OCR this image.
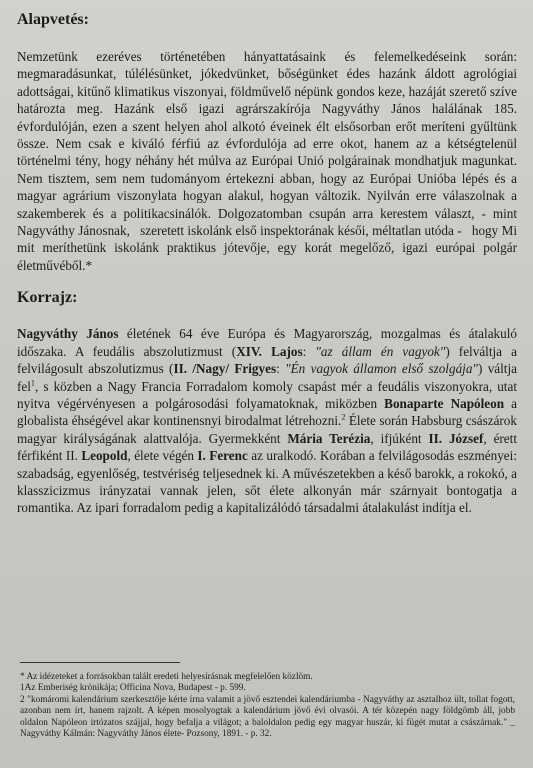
Alapvetés:

Nemzetünk ezeréves történetében hányattatásaink és felemelkedéseink során: megmaradásunkat, túlélésünket, jókedvünket, bőségünket édes hazánk áldott agrológiai adottságai, kitűnő klimatikus viszonyai, földművelő népünk gondos keze, hazáját szerető szíve határozta meg. Hazánk első igazi agrárszakírója Nagyváthy János halálának 185. évfordulóján, ezen a szent helyen ahol alkotó éveinek élt elsősorban erőt meríteni gyűltünk össze. Nem csak e kiváló férfiú az évfordulója ad erre okot, hanem az a kétségtelenül történelmi tény, hogy néhány hét múlva az Európai Unió polgárainak mondhatjuk magunkat. Nem tisztem, sem nem tudományom értekezni abban, hogy az Európai Unióba lépés és a magyar agrárium viszonylata hogyan alakul, hogyan változik. Nyilván erre válaszolnak a szakemberek és a politikacsinálók. Dolgozatomban csupán arra kerestem választ, - mint Nagyváthy Jánosnak, szeretett iskolánk első inspektorának késői, méltatlan utóda - hogy Mi mit meríthetünk iskolánk praktikus jótevője, egy korát megelőző, igazi európai polgár életművéből.*

Korrajz:

Nagyváthy János életének 64 éve Európa és Magyarország, mozgalmas és átalakuló időszaka. A feudális abszolutizmust (XIV. Lajos: "az állam én vagyok") felváltja a felvilágosult abszolutizmus (II. /Nagy/ Frigyes: "Én vagyok államon első szolgája") váltja fel$^1$, s közben a Nagy Francia Forradalom komoly csapást mér a feudális viszonyokra, utat nyitva végérvényesen a polgárosodási folyamatoknak, miközben Bonaparte Napóleon a globalista éhségével akar kontinensnyi birodalmat létrehozni.$^2$ Élete során Habsburg császárok magyar királyságának alattvalója. Gyermekként Mária Terézia, ifjúként II. József, érett férfiként II. Leopold, élete végén I. Ferenc az uralkodó. Korában a felvilágosodás eszményei: szabadság, egyenlőség, testvériség teljesednek ki. A művészetekben a késő barokk, a rokokó, a klasszicizmus irányzatai vannak jelen, sőt élete alkonyán már szárnyait bontogatja a romantika. Az ipari forradalom pedig a kapitalizálódó társadalmi átalakulást indítja el.

* Az idézeteket a forrásokban talált eredeti helyesírásnak megfelelően közlöm.

1Az Emberiség krónikája; Officina Nova, Budapest - p. 599.

2 "komáromi kalendárium szerkesztője kérte írna valamit a jövő esztendei kalendáriumba - Nagyváthy az asztalhoz ült, tollat fogott, azonban nem írt, hanem rajzolt. A képen mosolyogtak a kalendárium jövő évi olvasói. A tér közepén nagy földgömb áll, jobb oldalon Napóleon irtózatos szájjal, hogy befalja a világot; a baloldalon pedig egy magyar huszár, ki fügét mutat a császárnak." _ Nagyváthy Kálmán: Nagyváthy János élete- Pozsony, 1891. - p. 32.
